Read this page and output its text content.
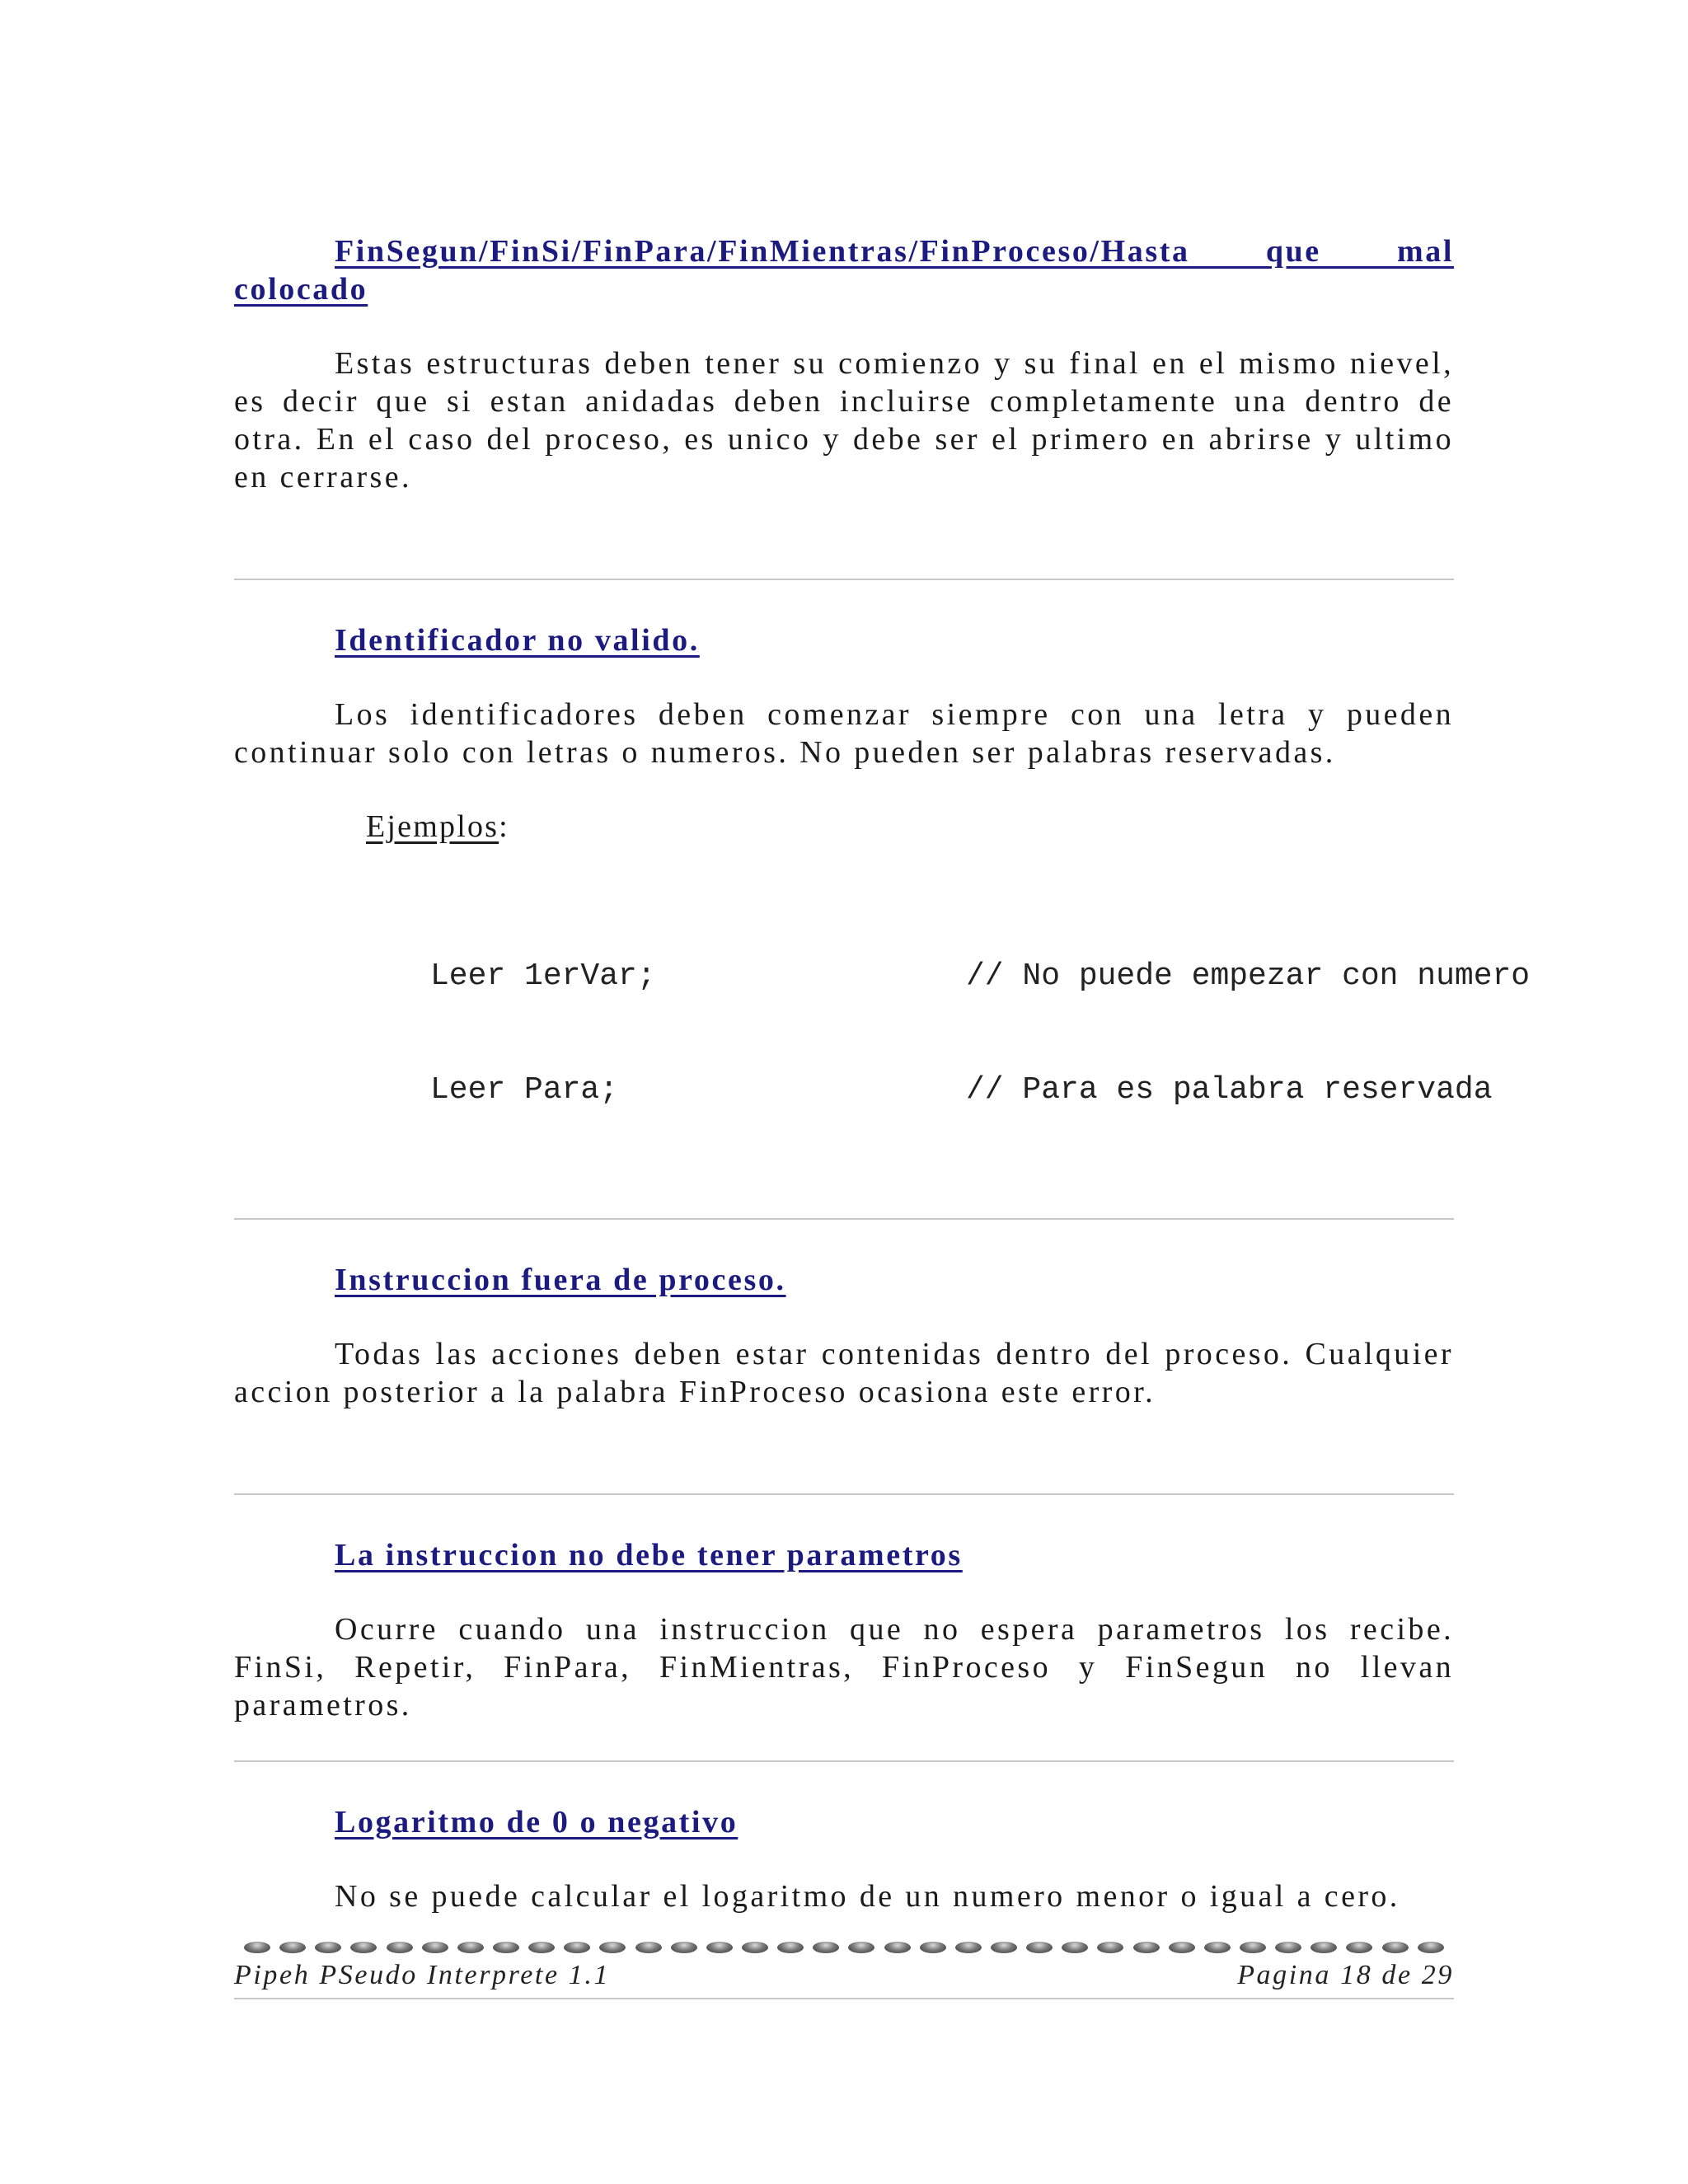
FinSegun/FinSi/FinPara/FinMientras/FinProceso/Hasta que mal colocado

Estas estructuras deben tener su comienzo y su final en el mismo nievel, es decir que si estan anidadas deben incluirse completamente una dentro de otra. En el caso del proceso, es unico y debe ser el primero en abrirse y ultimo en cerrarse.

Identificador no valido.

Los identificadores deben comenzar siempre con una letra y pueden continuar solo con letras o numeros. No pueden ser palabras reservadas.

Ejemplos:

Leer 1erVar;	// No puede empezar con numero

Leer Para;	// Para es palabra reservada

Instruccion fuera de proceso.

Todas las acciones deben estar contenidas dentro del proceso. Cualquier accion posterior a la palabra FinProceso ocasiona este error.

La instruccion no debe tener parametros

Ocurre cuando una instruccion que no espera parametros los recibe. FinSi, Repetir, FinPara, FinMientras, FinProceso y FinSegun no llevan parametros.

Logaritmo de 0 o negativo

No se puede calcular el logaritmo de un numero menor o igual a cero.

Pipeh PSeudo Interprete 1.1	Pagina 18 de 29
